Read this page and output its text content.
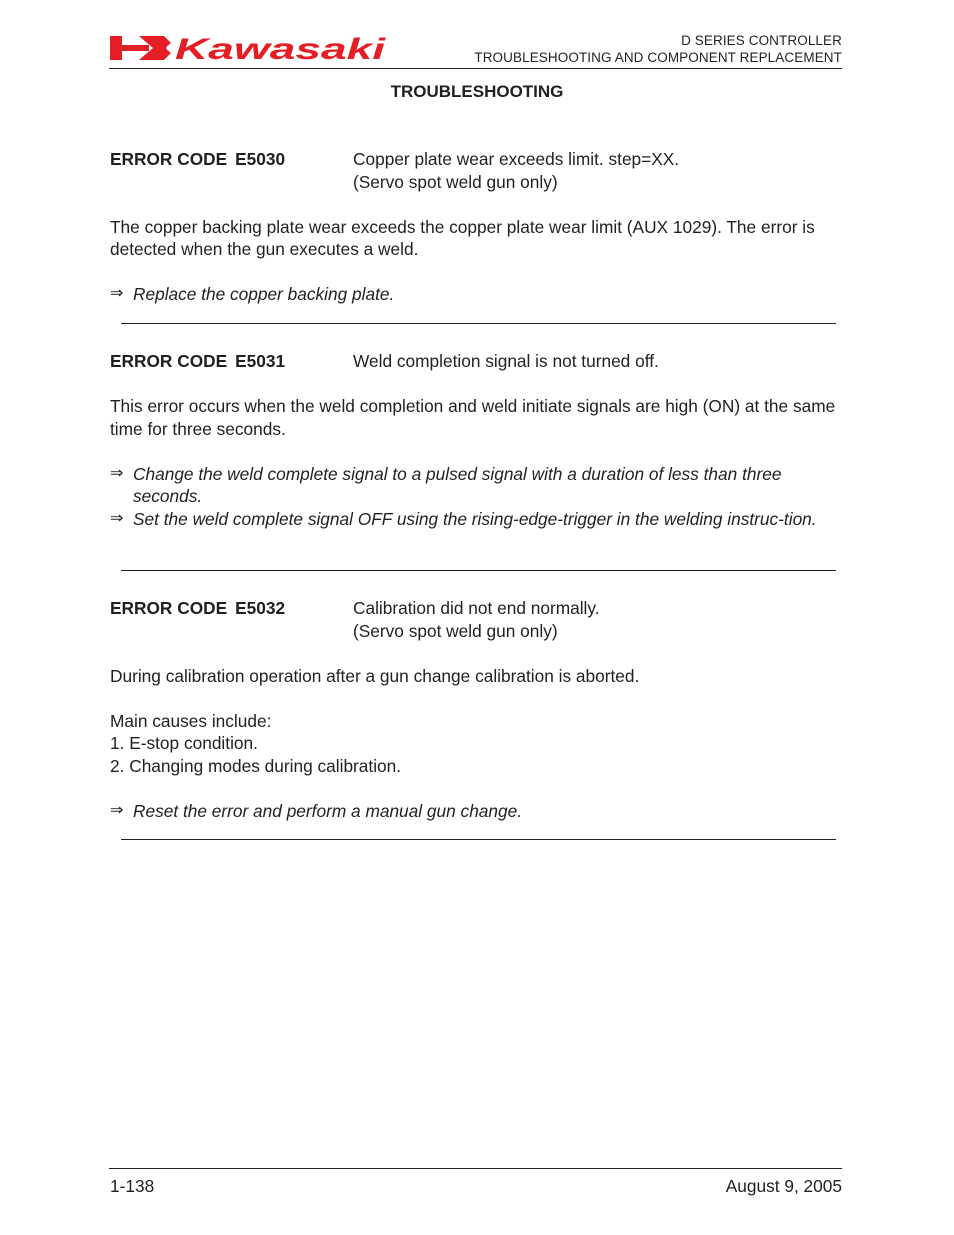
Kawasaki	D SERIES CONTROLLER
TROUBLESHOOTING AND COMPONENT REPLACEMENT
TROUBLESHOOTING
ERROR CODE E5030	Copper plate wear exceeds limit. step=XX.
(Servo spot weld gun only)

The copper backing plate wear exceeds the copper plate wear limit (AUX 1029). The error is detected when the gun executes a weld.

⇒ Replace the copper backing plate.
ERROR CODE E5031	Weld completion signal is not turned off.

This error occurs when the weld completion and weld initiate signals are high (ON) at the same time for three seconds.

⇒ Change the weld complete signal to a pulsed signal with a duration of less than three seconds.
⇒ Set the weld complete signal OFF using the rising-edge-trigger in the welding instruc-tion.
ERROR CODE E5032	Calibration did not end normally.
(Servo spot weld gun only)

During calibration operation after a gun change calibration is aborted.

Main causes include:

1. E-stop condition.
2. Changing modes during calibration.
⇒ Reset the error and perform a manual gun change.
1-138	August 9, 2005
